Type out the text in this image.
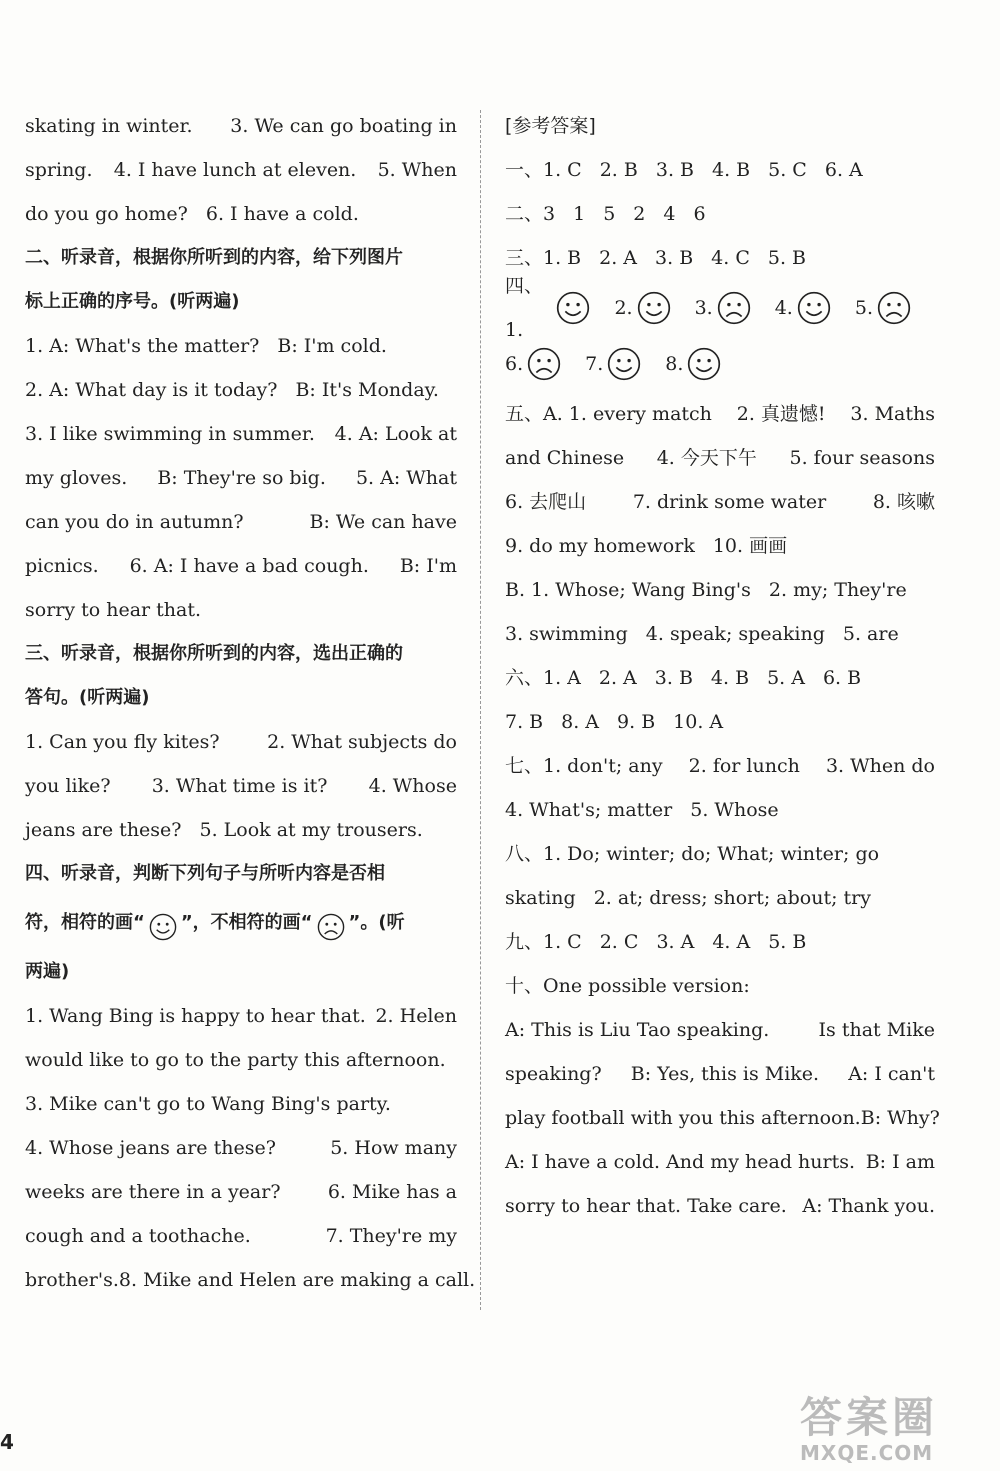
skating in winter. 3. We can go boating in
spring. 4. I have lunch at eleven. 5. When
do you go home? 6. I have a cold.
二、听录音，根据你所听到的内容，给下列图片
标上正确的序号。(听两遍)
1. A: What's the matter? B: I'm cold.
2. A: What day is it today? B: It's Monday.
3. I like swimming in summer. 4. A: Look at
my gloves. B: They're so big. 5. A: What
can you do in autumn?	B: We can have
picnics. 6. A: I have a bad cough. B: I'm
sorry to hear that.
三、听录音，根据你所听到的内容，选出正确的
答句。(听两遍)
1. Can you fly kites? 2. What subjects do
you like? 3. What time is it? 4. Whose
jeans are these? 5. Look at my trousers.
四、听录音，判断下列句子与所听内容是否相
符，相符的画“ ”，不相符的画“ ”。(听
两遍)
1. Wang Bing is happy to hear that. 2. Helen
would like to go to the party this afternoon.
3. Mike can't go to Wang Bing's party.
4. Whose jeans are these?	5. How many
weeks are there in a year? 6. Mike has a
cough and a toothache.	7. They're my
brother's. 8. Mike and Helen are making a call.
[参考答案]
一、1. C 2. B 3. B 4. B 5. C 6. A
二、3 1 5 2 4 6
三、1. B 2. A 3. B 4. C 5. B
四、1.
2.	3.	4.	5.
6.	7.	8.
五、A. 1. every match 2. 真遗憾! 3. Maths
and Chinese 4. 今天下午 5. four seasons
6. 去爬山 7. drink some water 8. 咳嗽
9. do my homework 10. 画画
B. 1. Whose; Wang Bing's 2. my; They're
3. swimming 4. speak; speaking 5. are
六、1. A 2. A 3. B 4. B 5. A 6. B
7. B 8. A 9. B 10. A
七、1. don't; any 2. for lunch 3. When do
4. What's; matter 5. Whose
八、1. Do; winter; do; What; winter; go
skating 2. at; dress; short; about; try
九、1. C 2. C 3. A 4. A 5. B
十、One possible version:
A: This is Liu Tao speaking.	Is that Mike
speaking? B: Yes, this is Mike. A: I can't
play football with you this afternoon. B: Why?
A: I have a cold. And my head hurts. B: I am
sorry to hear that. Take care. A: Thank you.
4	答案圈
MXQE.COM
